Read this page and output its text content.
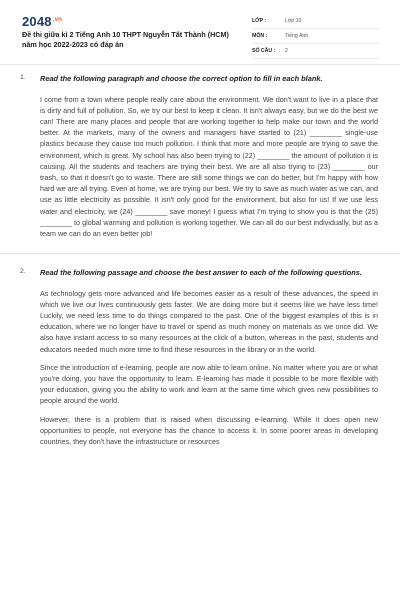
$2048^{.vn}$
Đề thi giữa kì 2 Tiếng Anh 10 THPT Nguyễn Tất Thành (HCM) năm học 2022-2023 có đáp án
LỚP :	Lớp 10
MÔN :	Tiếng Anh
SỐ CÂU :	2
1. Read the following paragraph and choose the correct option to fill in each blank.

I come from a town where people really care about the environment. We don't want to live in a place that is dirty and full of pollution. So, we try our best to keep it clean. It isn't always easy, but we do the best we can! There are many places and people that are working together to help make our town and the world better. At the markets, many of the owners and managers have started to (21) ________ single-use plastics because they cause too much pollution. I think that more and more people are trying to save the environment, which is great. My school has also been trying to (22) ________ the amount of pollution it is causing. All the students and teachers are trying their best. We are all also trying to (23) ________ our trash, so that it doesn't go to waste. There are still some things we can do better, but I'm happy with how hard we are all trying. Even at home, we are trying our best. We try to save as much water as we can, and use as little electricity as possible. It isn't only good for the environment, but also for us! If we use less water and electricity, we (24) ________ save money! I guess what I'm trying to show you is that the (25) ________ to global warming and pollution is working together. We can all do our best individually, but as a team we can do an even better job!

2. Read the following passage and choose the best answer to each of the following questions.

As technology gets more advanced and life becomes easier as a result of these advances, the speed in which we live our lives continuously gets faster. We are doing more but it seems like we have less time! Luckily, we need less time to do things compared to the past. One of the biggest examples of this is in education, where we no longer have to travel or spend as much money on materials as we once did. We also have instant access to so many resources at the click of a button, whereas in the past, students and educators needed much more time to find these resources in the library or in the world.

Since the introduction of e-learning, people are now able to learn online. No matter where you are or what you're doing, you have the opportunity to learn. E-learning has made it possible to be more flexible with your education, giving you the ability to work and learn at the same time which gives new possibilities to people around the world.

However, there is a problem that is raised when discussing e-learning. While it does open new opportunities to people, not everyone has the chance to access it. In some poorer areas in developing countries, they don't have the infrastructure or resources
